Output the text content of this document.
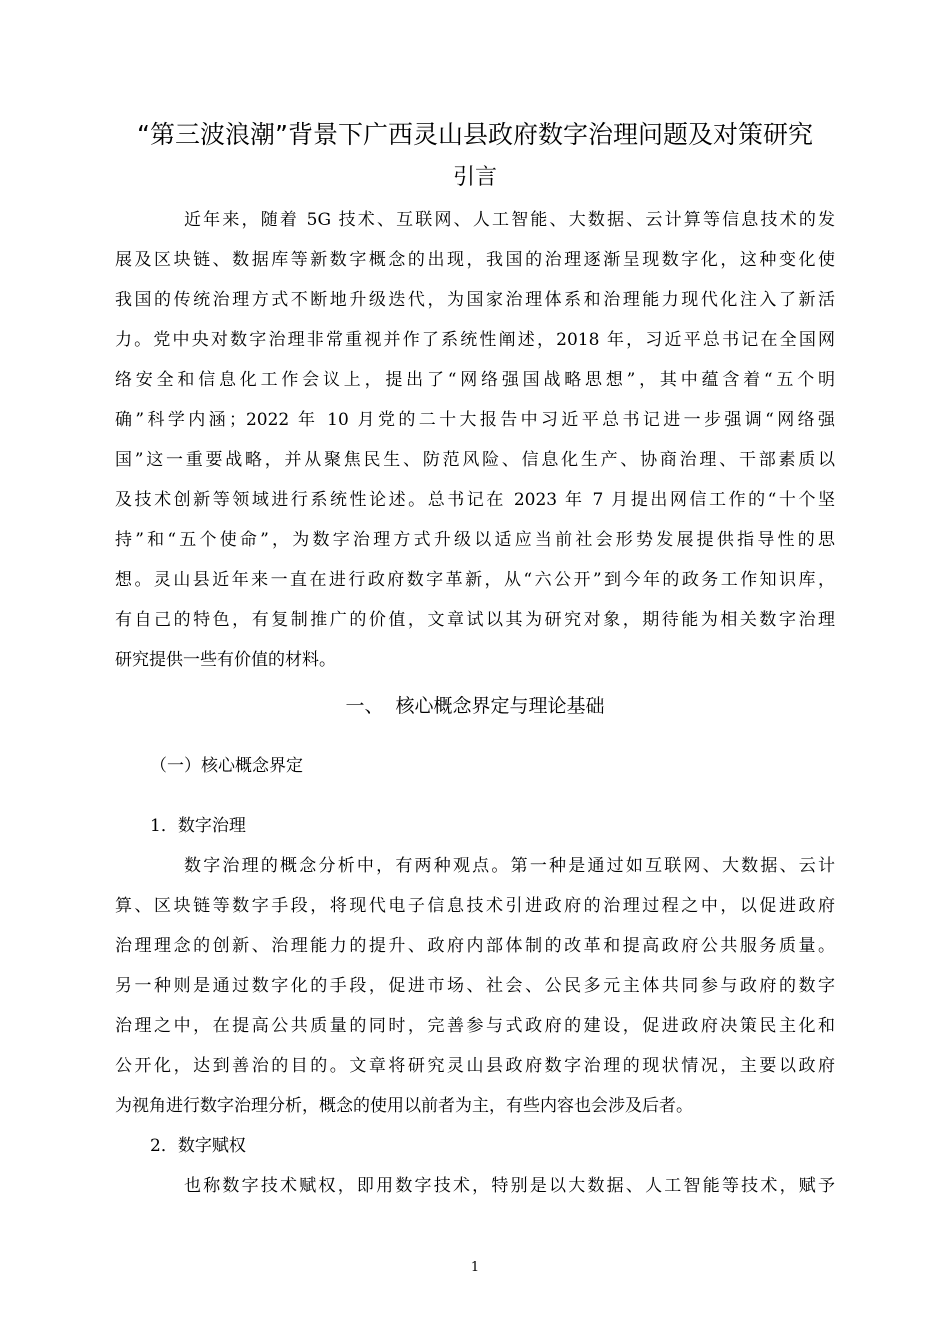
“第三波浪潮”背景下广西灵山县政府数字治理问题及对策研究
引言
近年来，随着 5G 技术、互联网、人工智能、大数据、云计算等信息技术的发
展及区块链、数据库等新数字概念的出现，我国的治理逐渐呈现数字化，这种变化使
我国的传统治理方式不断地升级迭代，为国家治理体系和治理能力现代化注入了新活
力。党中央对数字治理非常重视并作了系统性阐述，2018 年，习近平总书记在全国网
络安全和信息化工作会议上，提出了“网络强国战略思想”，其中蕴含着“五个明
确”科学内涵；2022 年 10 月党的二十大报告中习近平总书记进一步强调“网络强
国”这一重要战略，并从聚焦民生、防范风险、信息化生产、协商治理、干部素质以
及技术创新等领域进行系统性论述。总书记在 2023 年 7 月提出网信工作的“十个坚
持”和“五个使命”，为数字治理方式升级以适应当前社会形势发展提供指导性的思
想。灵山县近年来一直在进行政府数字革新，从“六公开”到今年的政务工作知识库，
有自己的特色，有复制推广的价值，文章试以其为研究对象，期待能为相关数字治理
研究提供一些有价值的材料。
一、  核心概念界定与理论基础
（一）核心概念界定
1．数字治理
数字治理的概念分析中，有两种观点。第一种是通过如互联网、大数据、云计
算、区块链等数字手段，将现代电子信息技术引进政府的治理过程之中，以促进政府
治理理念的创新、治理能力的提升、政府内部体制的改革和提高政府公共服务质量。
另一种则是通过数字化的手段，促进市场、社会、公民多元主体共同参与政府的数字
治理之中，在提高公共质量的同时，完善参与式政府的建设，促进政府决策民主化和
公开化，达到善治的目的。文章将研究灵山县政府数字治理的现状情况，主要以政府
为视角进行数字治理分析，概念的使用以前者为主，有些内容也会涉及后者。
2．数字赋权
也称数字技术赋权，即用数字技术，特别是以大数据、人工智能等技术，赋予
1
